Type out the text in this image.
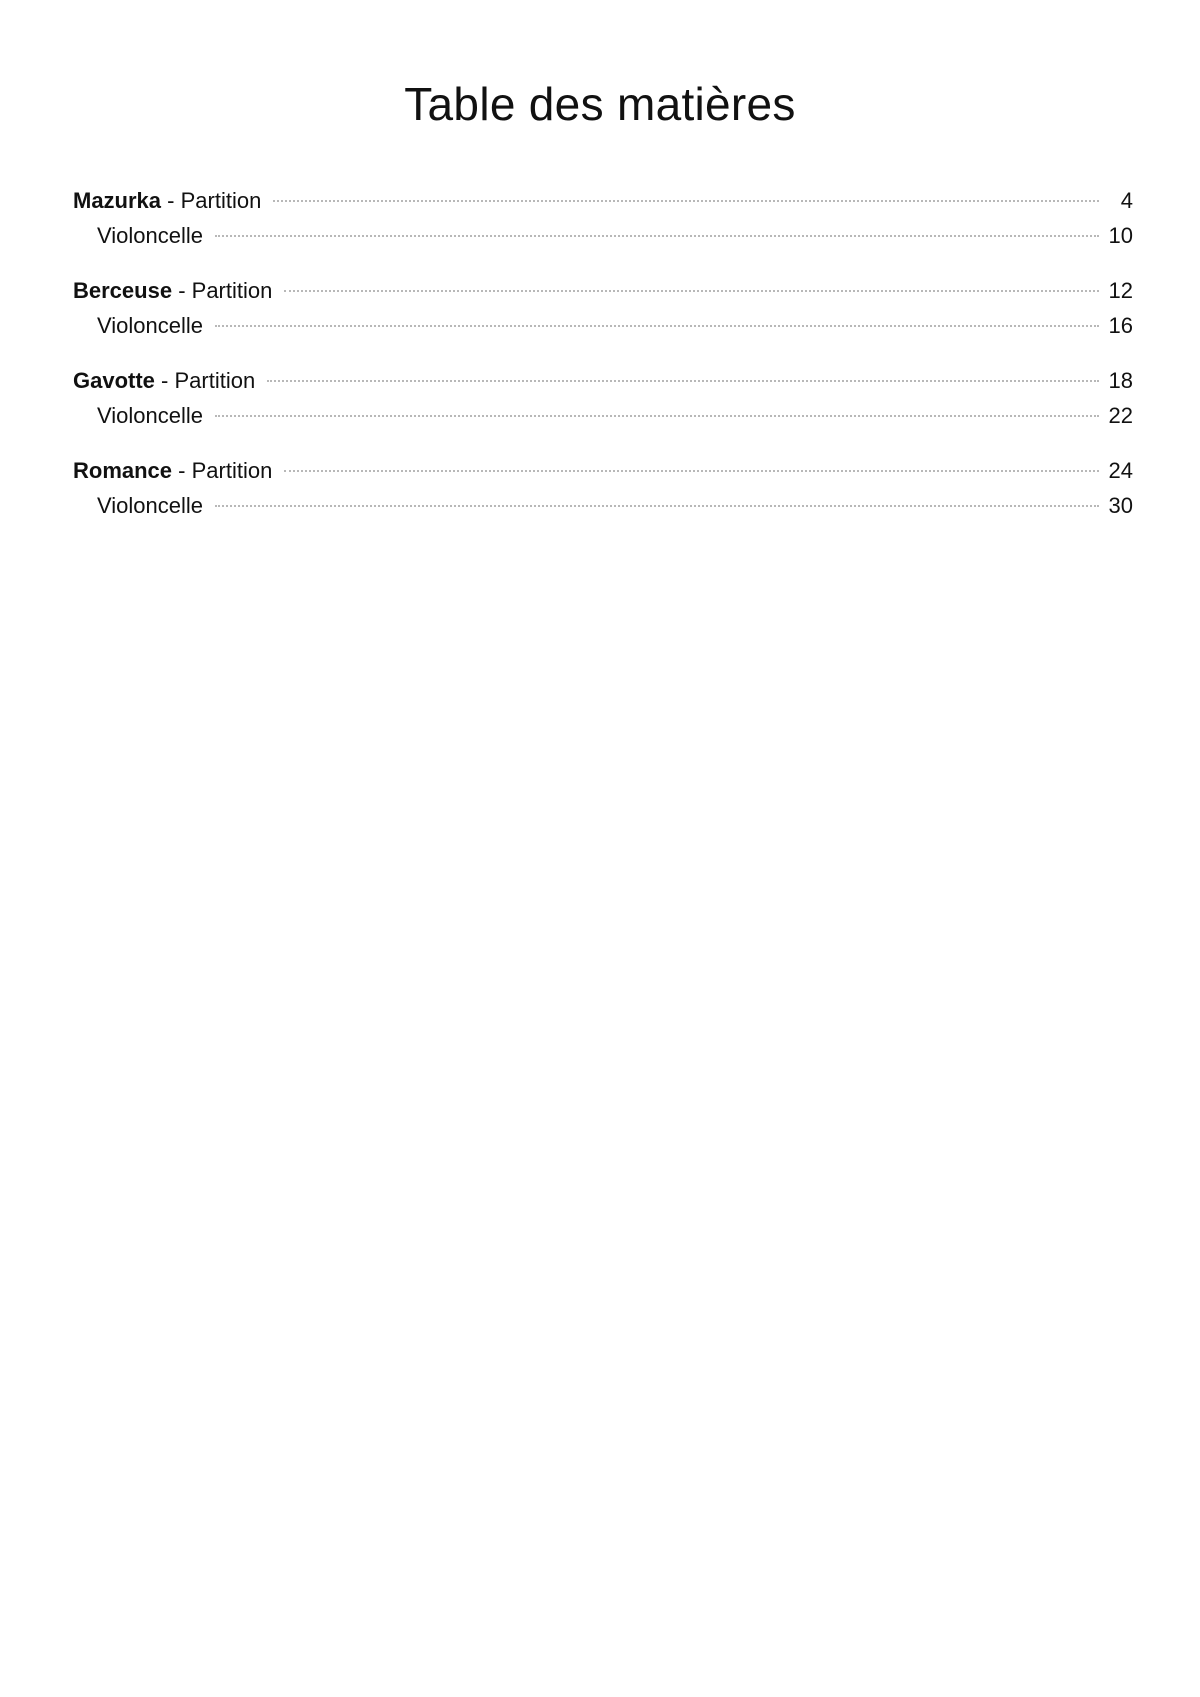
Table des matières
Mazurka - Partition	4
Violoncelle	10
Berceuse - Partition	12
Violoncelle	16
Gavotte - Partition	18
Violoncelle	22
Romance - Partition	24
Violoncelle	30
